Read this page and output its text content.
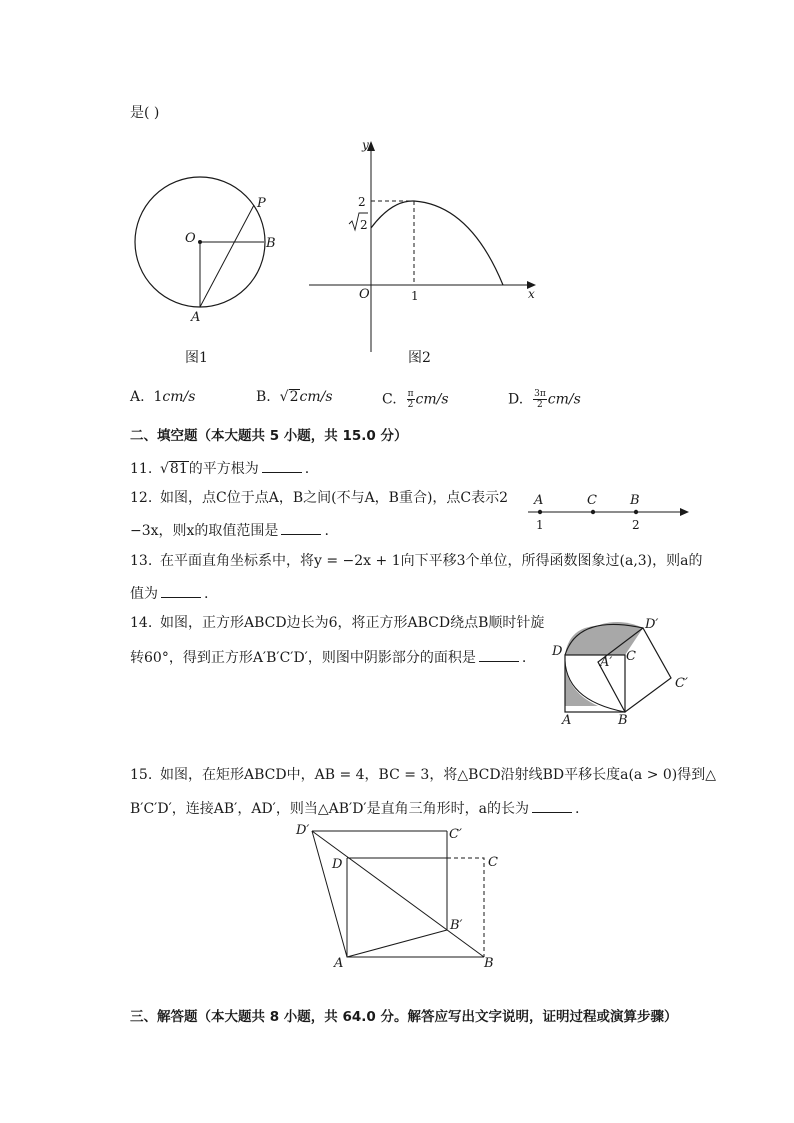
是( )
O	B
P
A
图1
y
x
O
2
2
1
图2
A. 1cm/s	B.  √2cm/s	C. $\frac{\pi}{2} cm/s$	D. $\frac{3\pi}{2} cm/s$
二、填空题（本大题共 5 小题，共 15.0 分）
11. √81的平方根为	.
12. 如图，点C位于点A，B之间(不与A，B重合)，点C表示2
−3x，则x的取值范围是	.
A	C	B
1	2
13. 在平面直角坐标系中，将y = −2x + 1向下平移3个单位，所得函数图象过(a,3)，则a的
值为	.
14. 如图，正方形ABCD边长为6，将正方形ABCD绕点B顺时针旋
转60°，得到正方形A′B′C′D′，则图中阴影部分的面积是	.
D′
D
A′ C
C′
A	B
15. 如图，在矩形ABCD中，AB = 4，BC = 3，将△BCD沿射线BD平移长度a(a > 0)得到△
B′C′D′，连接AB′，AD′，则当△AB′D′是直角三角形时，a的长为	.
D′	C′
D	C
B′
A	B
三、解答题（本大题共 8 小题，共 64.0 分。解答应写出文字说明，证明过程或演算步骤）
